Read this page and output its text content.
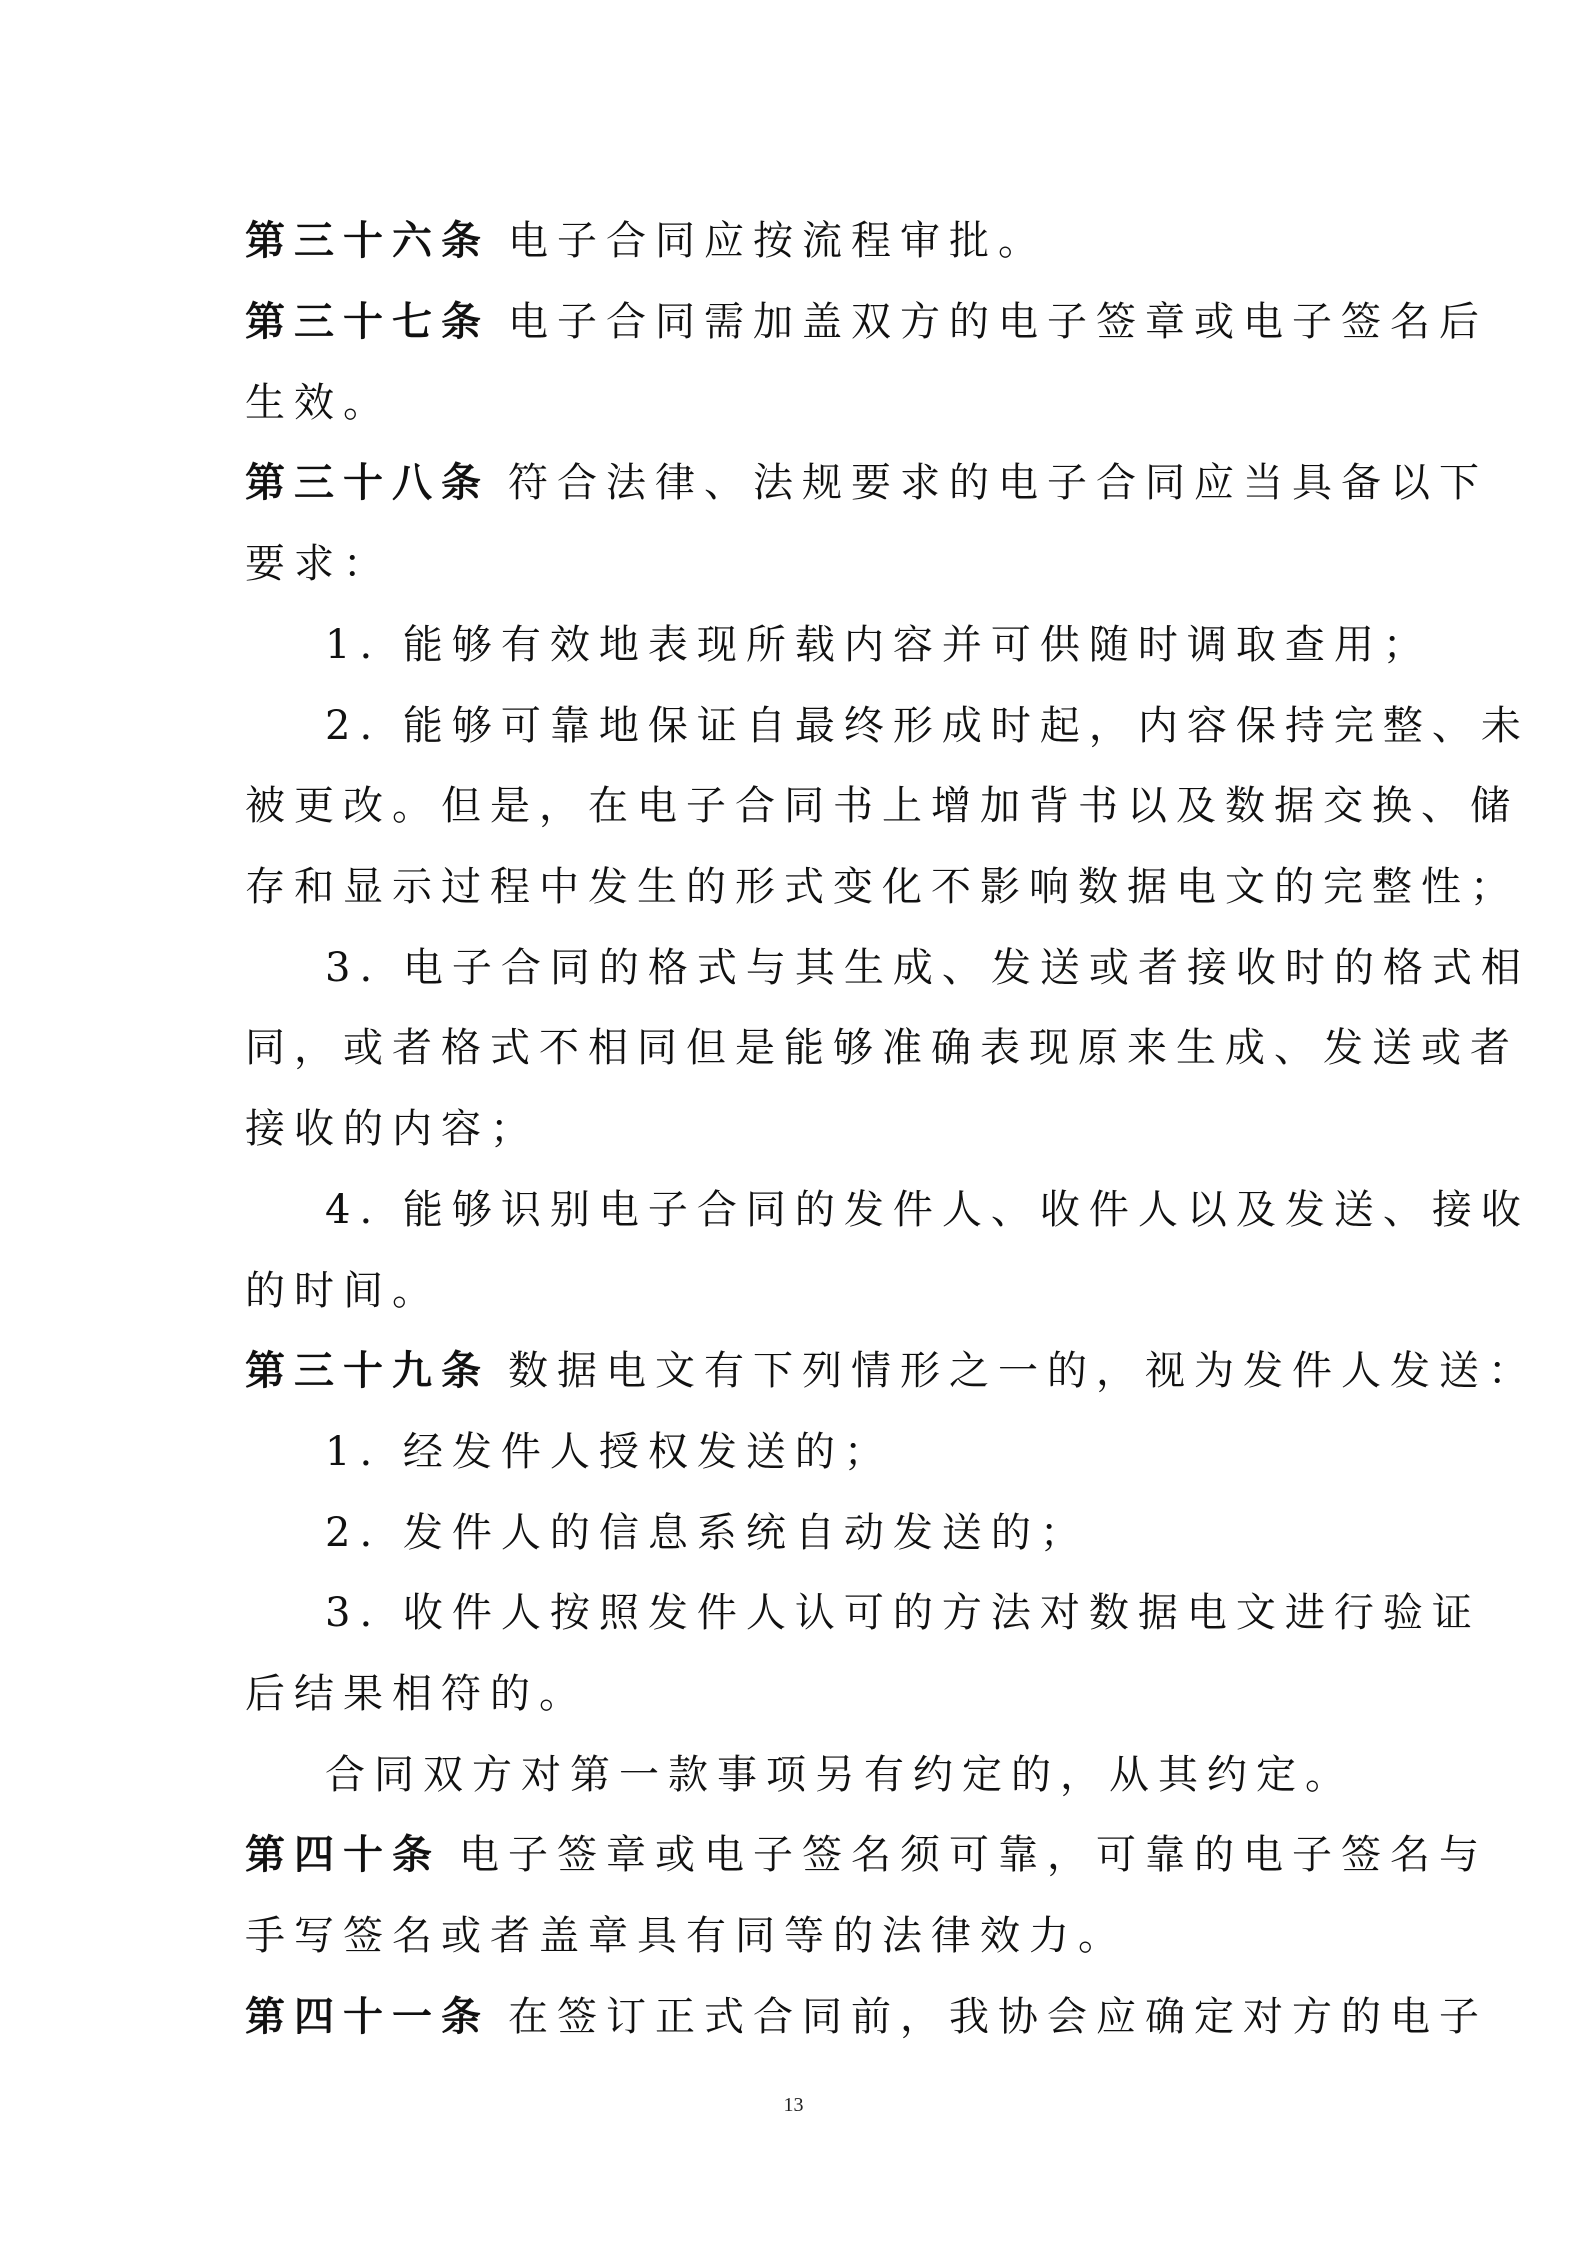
第三十六条 电子合同应按流程审批。
第三十七条 电子合同需加盖双方的电子签章或电子签名后
生效。
第三十八条 符合法律、法规要求的电子合同应当具备以下
要求：
1. 能够有效地表现所载内容并可供随时调取查用；
2. 能够可靠地保证自最终形成时起，内容保持完整、未
被更改。但是，在电子合同书上增加背书以及数据交换、储
存和显示过程中发生的形式变化不影响数据电文的完整性；
3. 电子合同的格式与其生成、发送或者接收时的格式相
同，或者格式不相同但是能够准确表现原来生成、发送或者
接收的内容；
4. 能够识别电子合同的发件人、收件人以及发送、接收
的时间。
第三十九条 数据电文有下列情形之一的，视为发件人发送：
1. 经发件人授权发送的；
2. 发件人的信息系统自动发送的；
3. 收件人按照发件人认可的方法对数据电文进行验证
后结果相符的。
合同双方对第一款事项另有约定的，从其约定。
第四十条 电子签章或电子签名须可靠，可靠的电子签名与
手写签名或者盖章具有同等的法律效力。
第四十一条 在签订正式合同前，我协会应确定对方的电子
13
